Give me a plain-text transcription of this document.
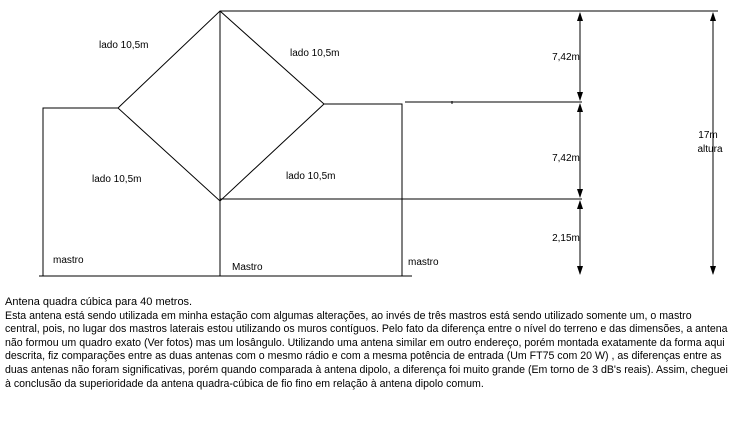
lado 10,5m
lado 10,5m
lado 10,5m	lado 10,5m
mastro
Mastro	mastro
7,42m
7,42m
2,15m
17m
altura

Antena quadra cúbica para 40 metros.
Esta antena está sendo utilizada em minha estação com algumas alterações, ao invés de três mastros está sendo utilizado somente um, o mastro central, pois, no lugar dos mastros laterais estou utilizando os muros contíguos. Pelo fato da diferença entre o nível do terreno e das dimensões, a antena não formou um quadro exato (Ver fotos) mas um losângulo. Utilizando uma antena similar em outro endereço, porém montada exatamente da forma aqui descrita, fiz comparações entre as duas antenas com o mesmo rádio e com a mesma potência de entrada (Um FT75 com 20 W) , as diferenças entre as duas antenas não foram significativas, porém quando comparada à antena dipolo, a diferença foi muito grande (Em torno de 3 dB's reais). Assim, cheguei à conclusão da superioridade da antena quadra-cúbica de fio fino em relação à antena dipolo comum.
